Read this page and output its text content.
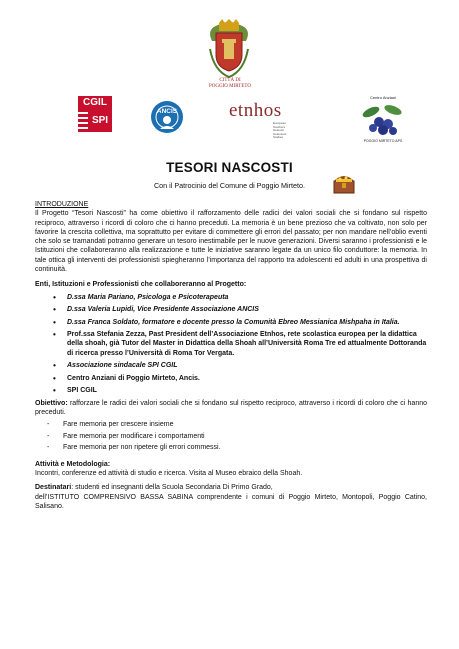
CITTÀ DI
POGGIO MIRTETO
CGIL
SPI
ANCIS	etnhos
European
Teachers
Network
Holocaust
Studies
Centro Anziani
POGGIO MIRTETO APS
TESORI NASCOSTI
Con il Patrocinio del Comune di Poggio Mirteto.

INTRODUZIONE

Il Progetto “Tesori Nascosti” ha come obiettivo il rafforzamento delle radici dei valori sociali che si fondano sul rispetto reciproco, attraverso i ricordi di coloro che ci hanno preceduti. La memoria è un bene prezioso che va coltivato, non solo per favorire la crescita collettiva, ma soprattutto per evitare di commettere gli errori del passato; per non mandare nell’oblio eventi che solo se tramandati potranno generare un tesoro inestimabile per le nuove generazioni. Diversi saranno i professionisti e le Istituzioni che collaboreranno alla realizzazione e tutte le iniziative saranno legate da un unico filo conduttore: la memoria. In tale ottica gli interventi dei professionisti spiegheranno l’importanza del rapporto tra adolescenti ed adulti in una prospettiva di continuità.

Enti, Istituzioni e Professionisti che collaboreranno al Progetto:

• D.ssa Maria Pariano, Psicologa e Psicoterapeuta
• D.ssa Valeria Lupidi, Vice Presidente Associazione ANCIS
• D.ssa Franca Soldato, formatore e docente presso la Comunità Ebreo Messianica Mishpaha in Italia.
• Prof.ssa Stefania Zezza, Past President dell’Associazione Etnhos, rete scolastica europea per la didattica della shoah, già Tutor del Master in Didattica della Shoah all’Università Roma Tre ed attualmente Dottoranda di ricerca presso l’Università di Roma Tor Vergata.
• Associazione sindacale SPI CGIL
• Centro Anziani di Poggio Mirteto, Ancis.
• SPI CGIL

Obiettivo: rafforzare le radici dei valori sociali che si fondano sul rispetto reciproco, attraverso i ricordi di coloro che ci hanno preceduti.

- Fare memoria per crescere insieme
- Fare memoria per modificare i comportamenti
- Fare memoria per non ripetere gli errori commessi.

Attività e Metodologia:

Incontri, conferenze ed attività di studio e ricerca. Visita al Museo ebraico della Shoah.

Destinatari: studenti ed insegnanti della Scuola Secondaria Di Primo Grado,

dell’ISTITUTO COMPRENSIVO BASSA SABINA comprendente i comuni di Poggio Mirteto, Montopoli, Poggio Catino, Salisano.
